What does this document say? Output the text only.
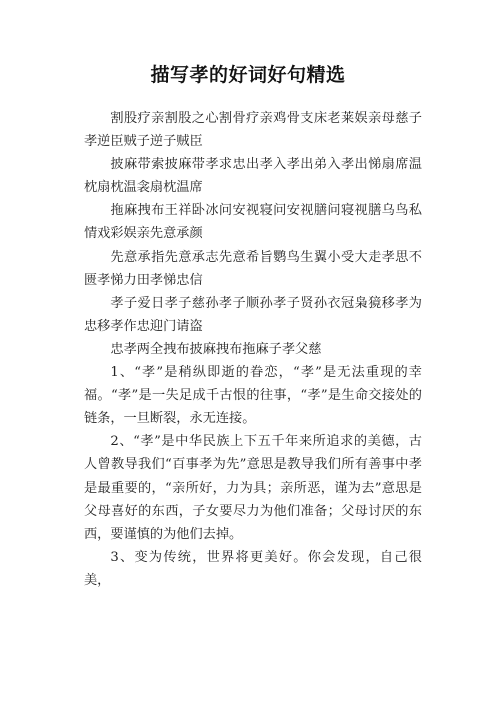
描写孝的好词好句精选

割股疗亲割股之心割骨疗亲鸡骨支床老莱娱亲母慈子孝逆臣贼子逆子贼臣

披麻带索披麻带孝求忠出孝入孝出弟入孝出悌扇席温枕扇枕温衾扇枕温席

拖麻拽布王祥卧冰问安视寝问安视膳问寝视膳乌鸟私情戏彩娱亲先意承颜

先意承指先意承志先意希旨鹦鸟生翼小受大走孝思不匮孝悌力田孝悌忠信

孝子爱日孝子慈孙孝子顺孙孝子贤孙衣冠枭獍移孝为忠移孝作忠迎门请盗

忠孝两全拽布披麻拽布拖麻子孝父慈

1、“孝”是稍纵即逝的眷恋，“孝”是无法重现的幸福。“孝”是一失足成千古恨的往事，“孝”是生命交接处的链条，一旦断裂，永无连接。

2、“孝”是中华民族上下五千年来所追求的美德，古人曾教导我们“百事孝为先”意思是教导我们所有善事中孝是最重要的，“亲所好，力为具；亲所恶，谨为去”意思是父母喜好的东西，子女要尽力为他们准备；父母讨厌的东西，要谨慎的为他们去掉。

3、变为传统，世界将更美好。你会发现，自己很美，
